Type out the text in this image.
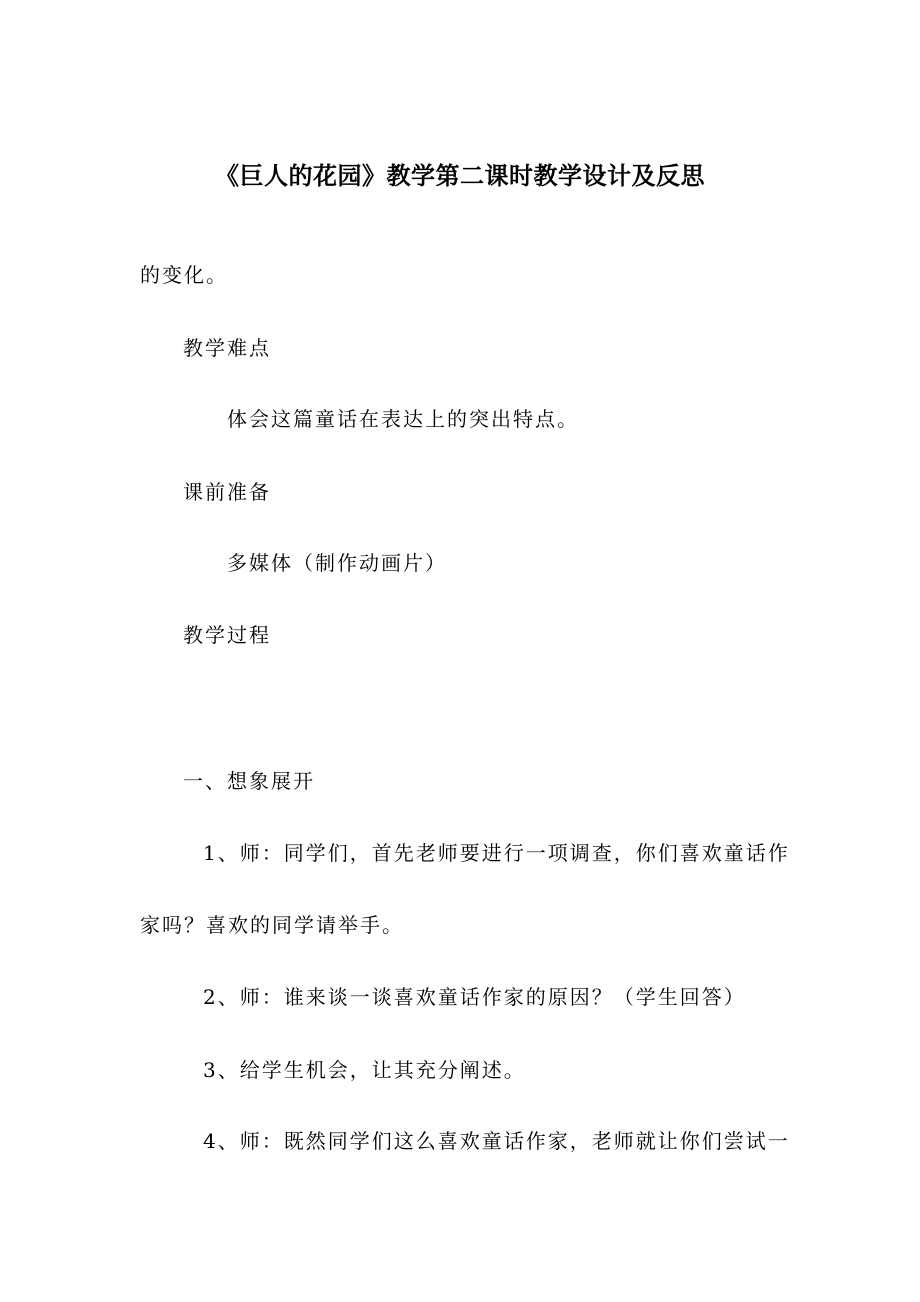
《巨人的花园》教学第二课时教学设计及反思

的变化。

教学难点

体会这篇童话在表达上的突出特点。

课前准备

多媒体（制作动画片）

教学过程

一、想象展开

1、师：同学们，首先老师要进行一项调查，你们喜欢童话作

家吗？喜欢的同学请举手。

2、师：谁来谈一谈喜欢童话作家的原因？（学生回答）

3、给学生机会，让其充分阐述。

4、师：既然同学们这么喜欢童话作家，老师就让你们尝试一
